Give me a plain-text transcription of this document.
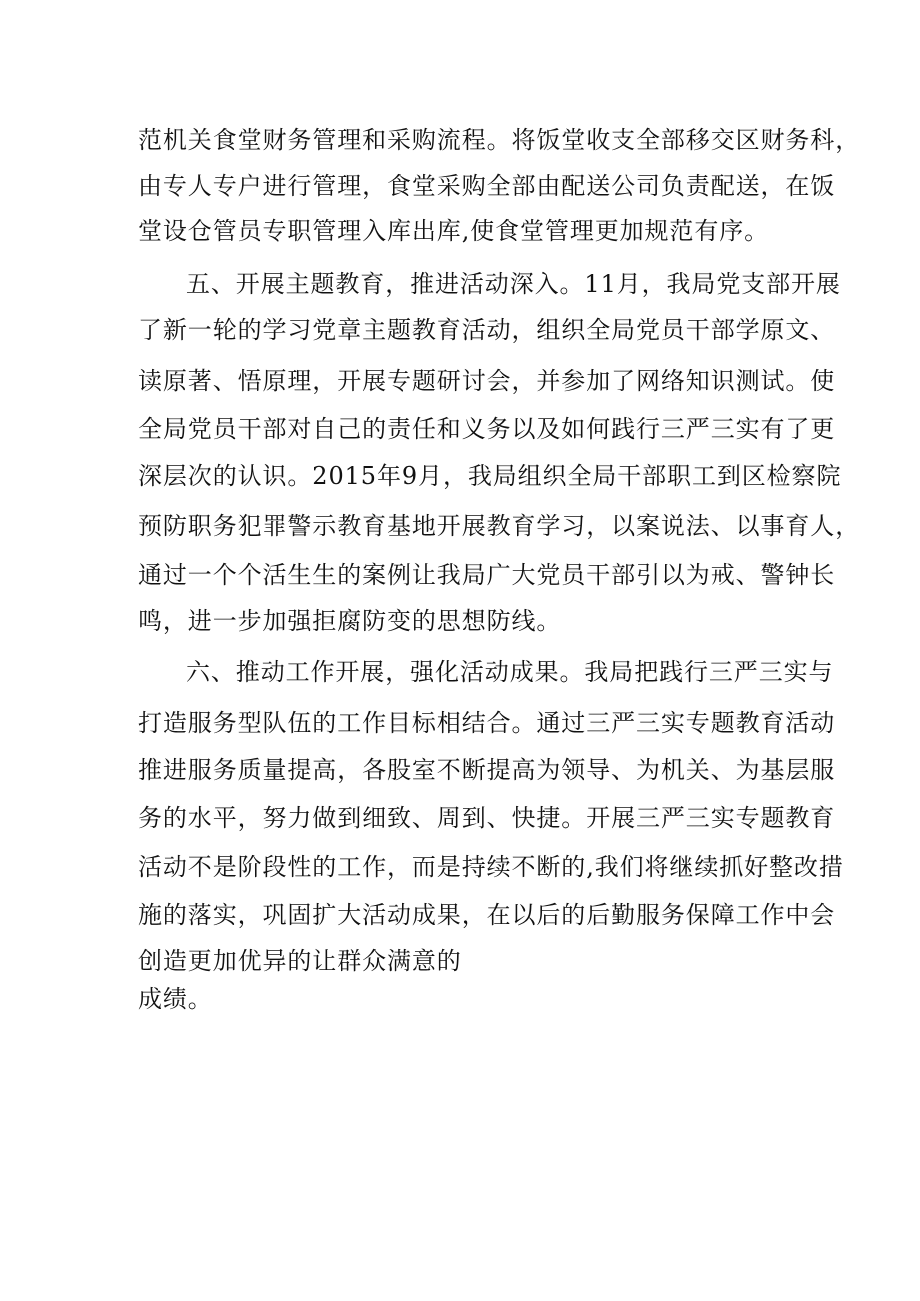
范机关食堂财务管理和采购流程。将饭堂收支全部移交区财务科，
由专人专户进行管理，食堂采购全部由配送公司负责配送，在饭
堂设仓管员专职管理入库出库,使食堂管理更加规范有序。
五、开展主题教育，推进活动深入。11月，我局党支部开展
了新一轮的学习党章主题教育活动，组织全局党员干部学原文、
读原著、悟原理，开展专题研讨会，并参加了网络知识测试。使
全局党员干部对自己的责任和义务以及如何践行三严三实有了更
深层次的认识。2015年9月，我局组织全局干部职工到区检察院
预防职务犯罪警示教育基地开展教育学习，以案说法、以事育人，
通过一个个活生生的案例让我局广大党员干部引以为戒、警钟长
鸣，进一步加强拒腐防变的思想防线。
六、推动工作开展，强化活动成果。我局把践行三严三实与
打造服务型队伍的工作目标相结合。通过三严三实专题教育活动
推进服务质量提高，各股室不断提高为领导、为机关、为基层服
务的水平，努力做到细致、周到、快捷。开展三严三实专题教育
活动不是阶段性的工作，而是持续不断的,我们将继续抓好整改措
施的落实，巩固扩大活动成果，在以后的后勤服务保障工作中会
创造更加优异的让群众满意的
成绩。
